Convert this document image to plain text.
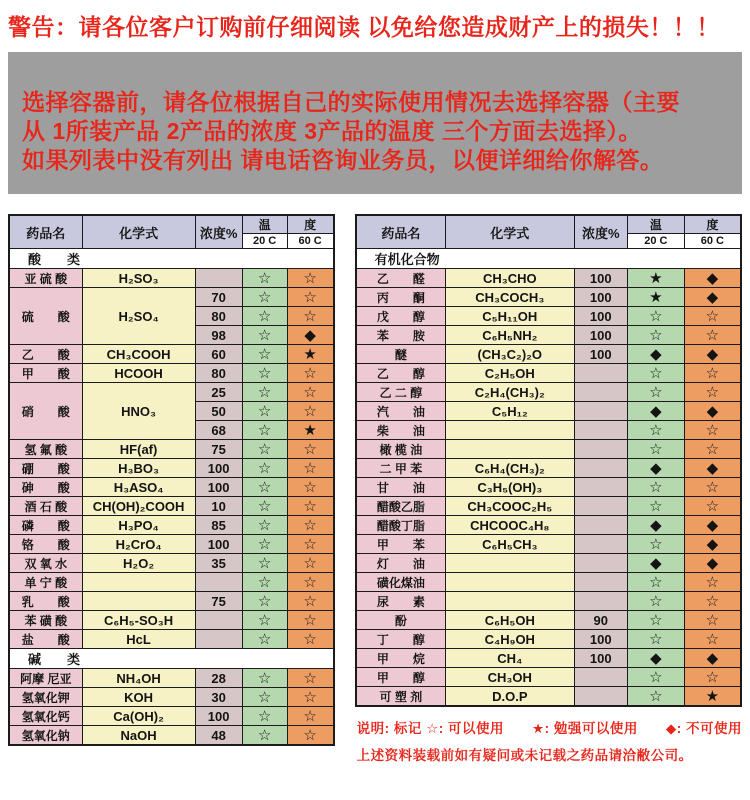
警告：请各位客户订购前仔细阅读 以免给您造成财产上的损失！！！

选择容器前，请各位根据自己的实际使用情况去选择容器（主要

从 1所装产品 2产品的浓度 3产品的温度 三个方面去选择）。

如果列表中没有列出 请电话咨询业务员，以便详细给你解答。

药品名	化学式	浓度%	温	度
			20 C	60 C
酸　　类				
亚 硫 酸	H₂SO₃		☆	☆
硫　　酸	H₂SO₄	70	☆	☆
		80	☆	☆
		98	☆	◆
乙　　酸	CH₃COOH	60	☆	★
甲　　酸	HCOOH	80	☆	☆
硝　　酸	HNO₃	25	☆	☆
		50	☆	☆
		68	☆	★
氢 氟 酸	HF(af)	75	☆	☆
硼　　酸	H₃BO₃	100	☆	☆
砷　　酸	H₃ASO₄	100	☆	☆
酒 石 酸	CH(OH)₂COOH	10	☆	☆
磷　　酸	H₃PO₄	85	☆	☆
铬　　酸	H₂CrO₄	100	☆	☆
双 氧 水	H₂O₂	35	☆	☆
单 宁 酸			☆	☆
乳　　酸		75	☆	☆
苯 磺 酸	C₆H₅-SO₃H		☆	☆
盐　　酸	HcL		☆	☆
碱　　类				
阿摩 尼亚	NH₄OH	28	☆	☆
氢氧化钾	KOH	30	☆	☆
氢氧化钙	Ca(OH)₂	100	☆	☆
氢氧化钠	NaOH	48	☆	☆
药品名	化学式	浓度%	温	度
			20 C	60 C
有机化合物				
乙　　醛	CH₃CHO	100	★	◆
丙　　酮	CH₃COCH₃	100	★	◆
戊　　醇	C₅H₁₁OH	100	☆	☆
苯　　胺	C₆H₅NH₂	100	☆	☆
醚	(CH₃C₂)₂O	100	◆	◆
乙　　醇	C₂H₅OH		☆	☆
乙 二 醇	C₂H₄(CH₃)₂		☆	☆
汽　　油	C₅H₁₂		◆	◆
柴　　油			☆	☆
橄 榄 油			☆	☆
二 甲 苯	C₆H₄(CH₃)₂		◆	◆
甘　　油	C₃H₅(OH)₃		☆	☆
醋酸乙脂	CH₃COOC₂H₅		☆	☆
醋酸丁脂	CHCOOC₄H₈		◆	◆
甲　　苯	C₆H₅CH₃		☆	◆
灯　　油			◆	◆
磺化煤油			☆	☆
尿　　素			☆	☆
酚	C₆H₅OH	90	☆	☆
丁　　醇	C₄H₉OH	100	☆	☆
甲　　烷	CH₄	100	◆	◆
甲　　醇	CH₃OH		☆	☆
可 塑 剂	D.O.P		☆	★

说明: 标记 ☆: 可以使用　　★: 勉强可以使用　　◆: 不可使用

上述资料装载前如有疑问或未记载之药品请洽敝公司。
